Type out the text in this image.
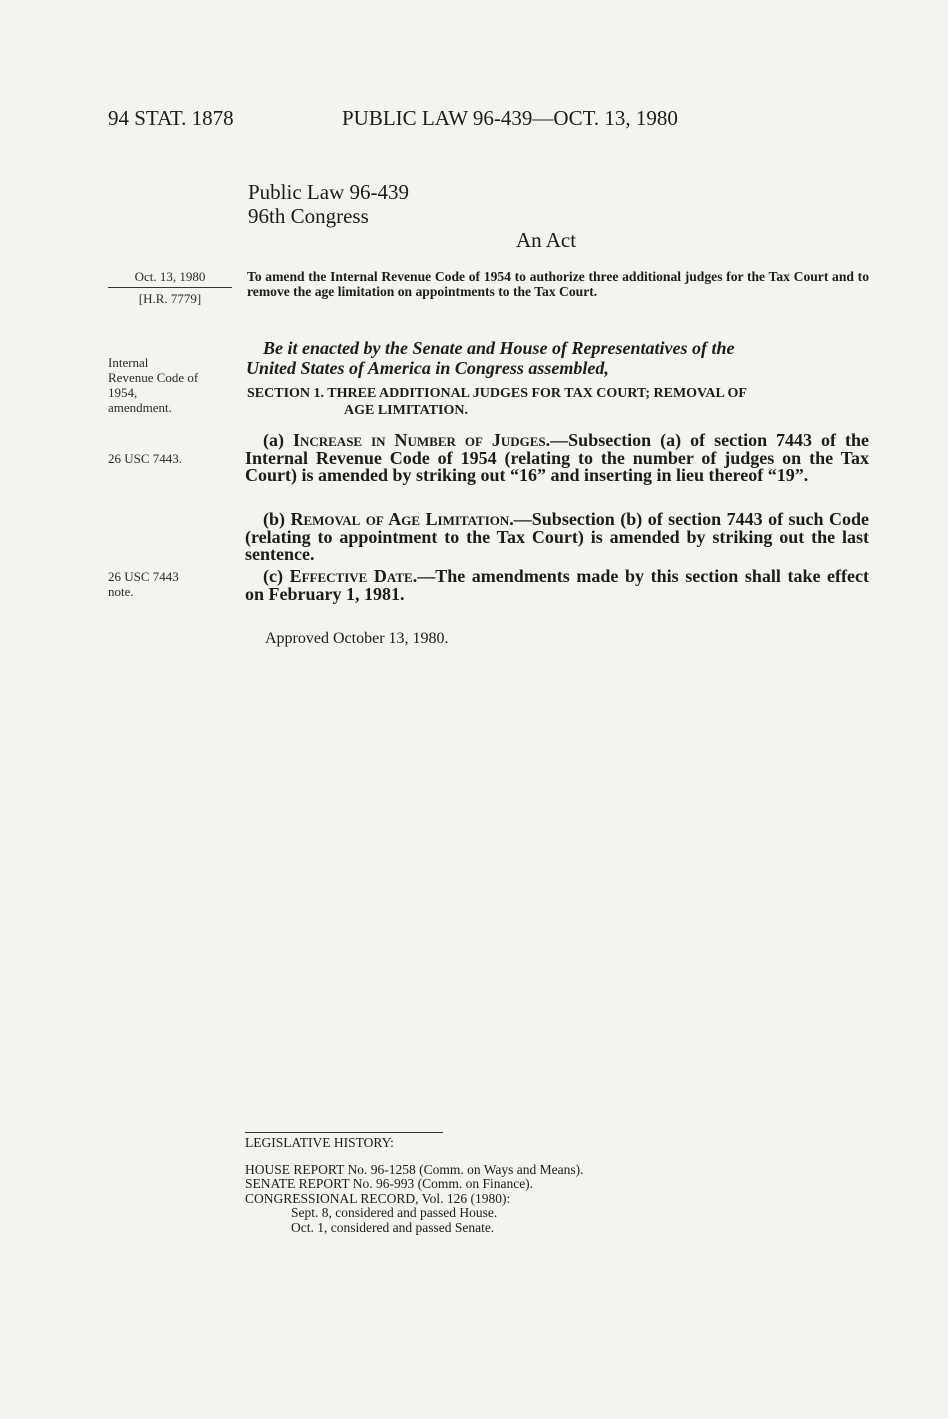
94 STAT. 1878	PUBLIC LAW 96-439—OCT. 13, 1980
Public Law 96-439
96th Congress
An Act
Oct. 13, 1980
[H.R. 7779]
To amend the Internal Revenue Code of 1954 to authorize three additional judges for the Tax Court and to remove the age limitation on appointments to the Tax Court.
Be it enacted by the Senate and House of Representatives of the
United States of America in Congress assembled,
Internal
Revenue Code of
1954,
amendment.
SECTION 1. THREE ADDITIONAL JUDGES FOR TAX COURT; REMOVAL OF
AGE LIMITATION.
26 USC 7443.
(a) Increase in Number of Judges.—Subsection (a) of section 7443 of the Internal Revenue Code of 1954 (relating to the number of judges on the Tax Court) is amended by striking out “16” and inserting in lieu thereof “19”.
(b) Removal of Age Limitation.—Subsection (b) of section 7443 of such Code (relating to appointment to the Tax Court) is amended by striking out the last sentence.
26 USC 7443
note.
(c) Effective Date.—The amendments made by this section shall take effect on February 1, 1981.
Approved October 13, 1980.
LEGISLATIVE HISTORY:
HOUSE REPORT No. 96-1258 (Comm. on Ways and Means).
SENATE REPORT No. 96-993 (Comm. on Finance).
CONGRESSIONAL RECORD, Vol. 126 (1980):
Sept. 8, considered and passed House.
Oct. 1, considered and passed Senate.
